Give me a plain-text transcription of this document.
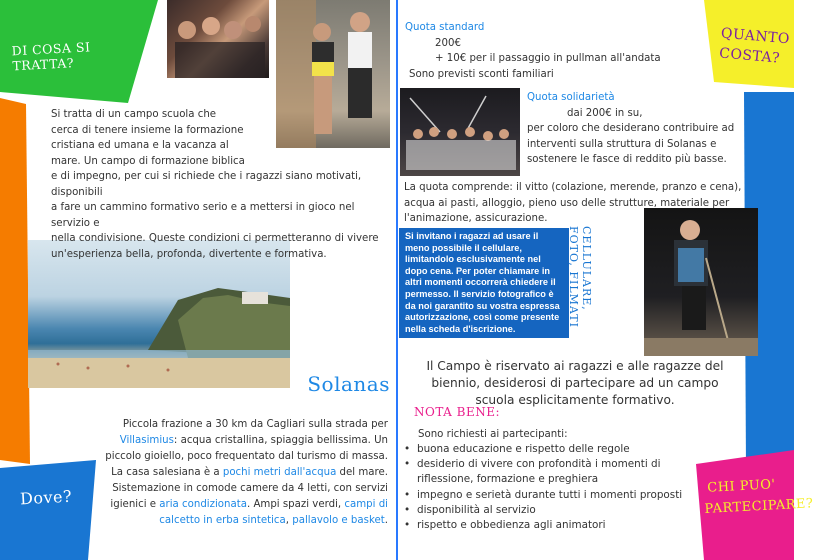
DI COSA SI TRATTA?
Dove?
QUANTO COSTA?
CHI PUO' PARTECIPARE?
Si tratta di un campo scuola che
cerca di tenere insieme la formazione
cristiana ed umana e la vacanza al
mare. Un campo di formazione biblica
e di impegno, per cui si richiede che i ragazzi siano motivati, disponibili
a fare un cammino formativo serio e a mettersi in gioco nel servizio e
nella condivisione. Queste condizioni ci permetteranno di vivere
un'esperienza bella, profonda, divertente e formativa.
Solanas
Piccola frazione a 30 km da Cagliari sulla strada per Villasimius: acqua cristallina, spiaggia bellissima. Un piccolo gioiello, poco frequentato dal turismo di massa. La casa salesiana è a pochi metri dall'acqua del mare. Sistemazione in comode camere da 4 letti, con servizi igienici e aria condizionata. Ampi spazi verdi, campi di calcetto in erba sintetica, pallavolo e basket.
Quota standard
200€
+ 10€ per il passaggio in pullman all'andata
Sono previsti sconti familiari
Quota solidarietà
dai 200€ in su,
per coloro che desiderano contribuire ad
interventi sulla struttura di Solanas e
sostenere le fasce di reddito più basse.
La quota comprende: il vitto (colazione, merende, pranzo e cena), acqua ai pasti, alloggio, pieno uso delle strutture, materiale per l'animazione, assicurazione.
Si invitano i ragazzi ad usare il meno possibile il cellulare, limitandolo esclusivamente nel dopo cena. Per poter chiamare in altri momenti occorrerà chiedere il permesso. Il servizio fotografico è da noi garantito su vostra espressa autorizzazione, così come presente nella scheda d'iscrizione.
CELLULARE, FOTO, FILMATI
Il Campo è riservato ai ragazzi e alle ragazze del biennio, desiderosi di partecipare ad un campo scuola esplicitamente formativo.
NOTA BENE:
Sono richiesti ai partecipanti:
• buona educazione e rispetto delle regole
• desiderio di vivere con profondità i momenti di riflessione, formazione e preghiera
• impegno e serietà durante tutti i momenti proposti
• disponibilità al servizio
• rispetto e obbedienza agli animatori
